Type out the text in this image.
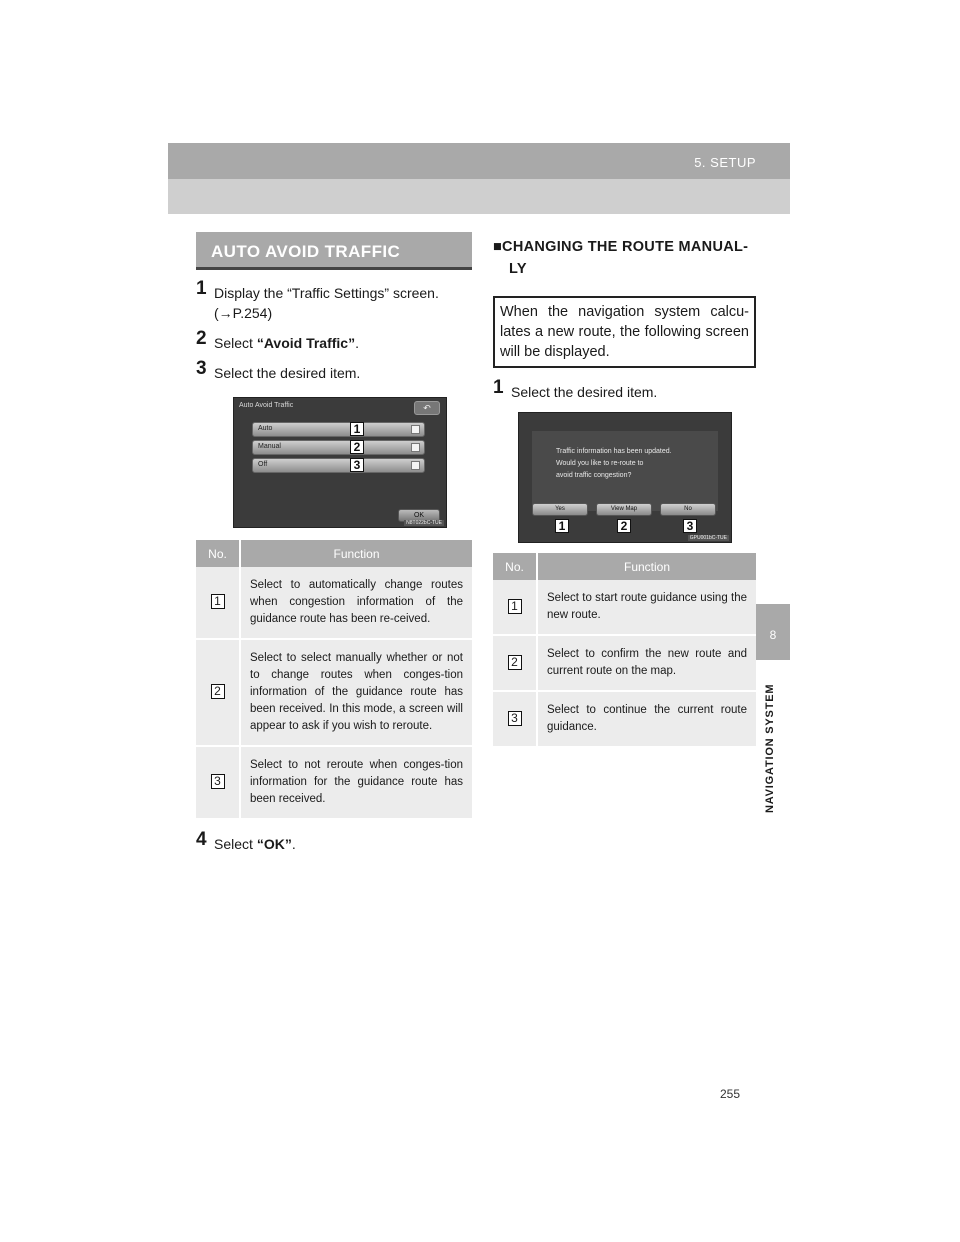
5. SETUP
8
NAVIGATION SYSTEM
AUTO AVOID TRAFFIC
1 Display the “Traffic Settings” screen.
(→P.254)
2 Select “Avoid Traffic”.
3 Select the desired item.
Auto Avoid Traffic	↶
Auto
Manual
Off
1
2
3
OK
N8T022bC-TUE
No.	Function
1	Select to automatically change routes when congestion information of the guidance route has been re-ceived.
2	Select to select manually whether or not to change routes when conges-tion information of the guidance route has been received. In this mode, a screen will appear to ask if you wish to reroute.
3	Select to not reroute when conges-tion information for the guidance route has been received.
4 Select “OK”.
■CHANGING THE ROUTE MANUAL-LY
When the navigation system calcu-lates a new route, the following screen will be displayed.
1 Select the desired item.
Traffic information has been updated.
Would you like to re-route to
avoid traffic congestion?
Yes	View Map	No
1	2	3
GPU001bC-TUE
No.	Function
1	Select to start route guidance using the new route.
2	Select to confirm the new route and current route on the map.
3	Select to continue the current route guidance.
255
